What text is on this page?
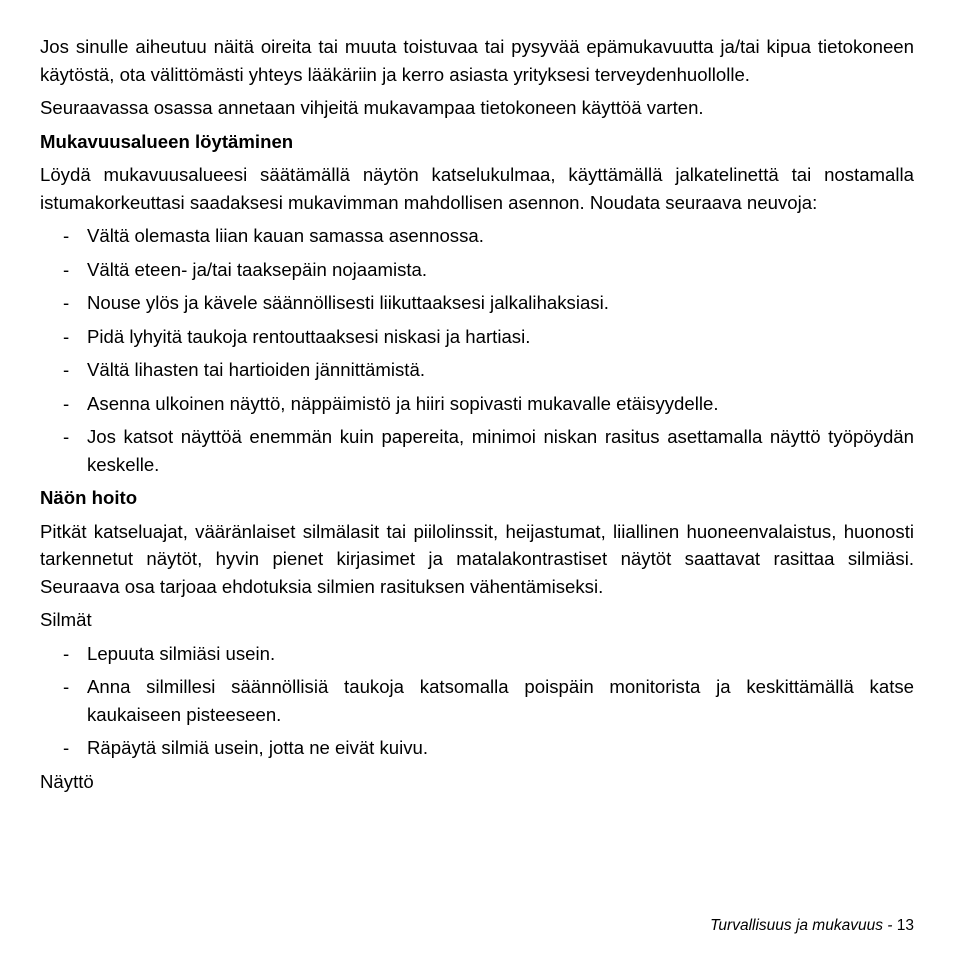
Jos sinulle aiheutuu näitä oireita tai muuta toistuvaa tai pysyvää epämukavuutta ja/tai kipua tietokoneen käytöstä, ota välittömästi yhteys lääkäriin ja kerro asiasta yrityksesi terveydenhuollolle.

Seuraavassa osassa annetaan vihjeitä mukavampaa tietokoneen käyttöä varten.

Mukavuusalueen löytäminen

Löydä mukavuusalueesi säätämällä näytön katselukulmaa, käyttämällä jalkatelinettä tai nostamalla istumakorkeuttasi saadaksesi mukavimman mahdollisen asennon. Noudata seuraava neuvoja:

- Vältä olemasta liian kauan samassa asennossa.
- Vältä eteen- ja/tai taaksepäin nojaamista.
- Nouse ylös ja kävele säännöllisesti liikuttaaksesi jalkalihaksiasi.
- Pidä lyhyitä taukoja rentouttaaksesi niskasi ja hartiasi.
- Vältä lihasten tai hartioiden jännittämistä.
- Asenna ulkoinen näyttö, näppäimistö ja hiiri sopivasti mukavalle etäisyydelle.
- Jos katsot näyttöä enemmän kuin papereita, minimoi niskan rasitus asettamalla näyttö työpöydän keskelle.

Näön hoito

Pitkät katseluajat, vääränlaiset silmälasit tai piilolinssit, heijastumat, liiallinen huoneenvalaistus, huonosti tarkennetut näytöt, hyvin pienet kirjasimet ja matalakontrastiset näytöt saattavat rasittaa silmiäsi. Seuraava osa tarjoaa ehdotuksia silmien rasituksen vähentämiseksi.

Silmät

- Lepuuta silmiäsi usein.
- Anna silmillesi säännöllisiä taukoja katsomalla poispäin monitorista ja keskittämällä katse kaukaiseen pisteeseen.
- Räpäytä silmiä usein, jotta ne eivät kuivu.

Näyttö

Turvallisuus ja mukavuus - 13
